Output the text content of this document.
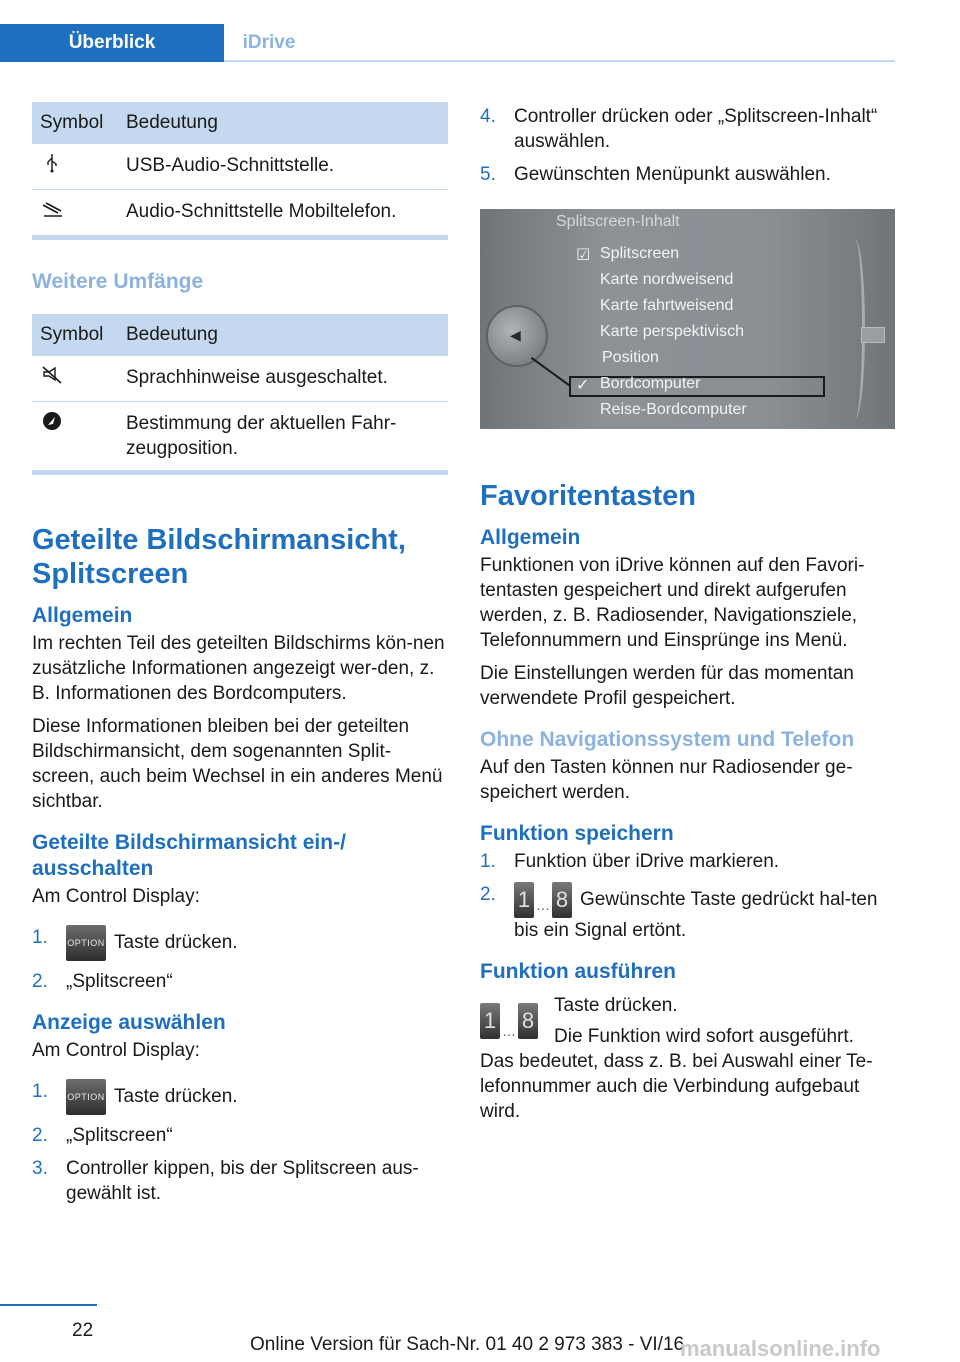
Überblick	iDrive
Symbol	Bedeutung
	USB-Audio-Schnittstelle.
	Audio-Schnittstelle Mobiltelefon.
Weitere Umfänge
Symbol	Bedeutung
	Sprachhinweise ausgeschaltet.
	Bestimmung der aktuellen Fahr-zeugposition.
Geteilte Bildschirmansicht, Splitscreen
Allgemein

Im rechten Teil des geteilten Bildschirms kön-nen zusätzliche Informationen angezeigt wer-den, z. B. Informationen des Bordcomputers.

Diese Informationen bleiben bei der geteilten Bildschirmansicht, dem sogenannten Split-screen, auch beim Wechsel in ein anderes Menü sichtbar.

Geteilte Bildschirmansicht ein-/ ausschalten

Am Control Display:

1. OPTION Taste drücken.
2. „Splitscreen“
Anzeige auswählen

Am Control Display:

1. OPTION Taste drücken.
2. „Splitscreen“
3. Controller kippen, bis der Splitscreen aus-gewählt ist.
4. Controller drücken oder „Splitscreen-Inhalt“ auswählen.
5. Gewünschten Menüpunkt auswählen.
Splitscreen-Inhalt
☑ Splitscreen
Karte nordweisend
Karte fahrtweisend
Karte perspektivisch
Position
✓ Bordcomputer
Reise-Bordcomputer
◀
Favoritentasten
Allgemein

Funktionen von iDrive können auf den Favori-tentasten gespeichert und direkt aufgerufen werden, z. B. Radiosender, Navigationsziele, Telefonnummern und Einsprünge ins Menü.

Die Einstellungen werden für das momentan verwendete Profil gespeichert.

Ohne Navigationssystem und Telefon

Auf den Tasten können nur Radiosender ge-speichert werden.

Funktion speichern
1. Funktion über iDrive markieren.
2. 1 … 8 Gewünschte Taste gedrückt hal-ten bis ein Signal ertönt.
Funktion ausführen
1 … 8
Taste drücken.
Die Funktion wird sofort ausgeführt.

Das bedeutet, dass z. B. bei Auswahl einer Te-lefonnummer auch die Verbindung aufgebaut wird.

22
Online Version für Sach-Nr. 01 40 2 973 383 - VI/16
manualsonline.info
